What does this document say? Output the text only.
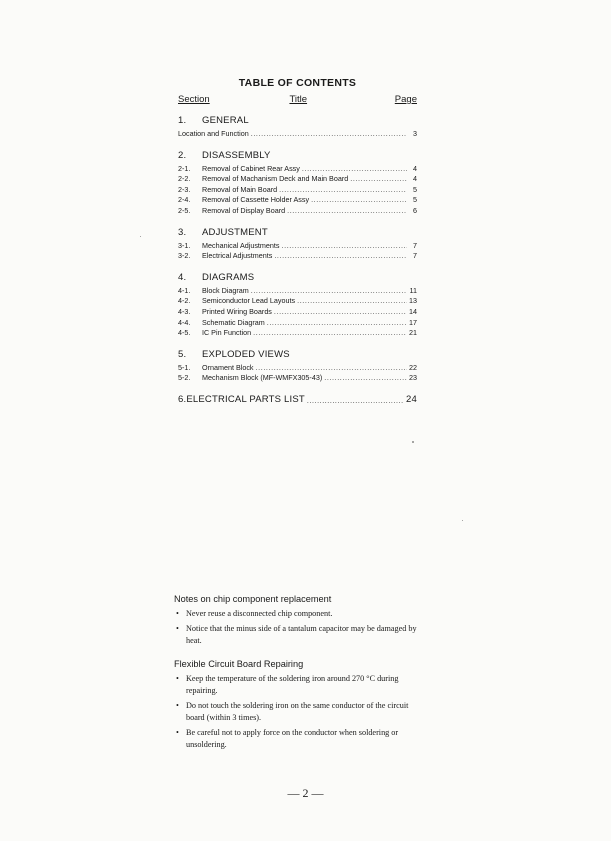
TABLE OF CONTENTS
Section	Title	Page
1.	GENERAL
Location and Function .....	3
2.	DISASSEMBLY
2-1.	Removal of Cabinet Rear Assy .....	4
2-2.	Removal of Machanism Deck and Main Board .....	4
2-3.	Removal of Main Board .....	5
2-4.	Removal of Cassette Holder Assy .....	5
2-5.	Removal of Display Board .....	6
3.	ADJUSTMENT
3-1.	Mechanical Adjustments .....	7
3-2.	Electrical Adjustments .....	7
4.	DIAGRAMS
4-1.	Block Diagram .....	11
4-2.	Semiconductor Lead Layouts .....	13
4-3.	Printed Wiring Boards .....	14
4-4.	Schematic Diagram .....	17
4-5.	IC Pin Function .....	21
5.	EXPLODED VIEWS
5-1.	Ornament Block .....	22
5-2.	Mechanism Block (MF-WMFX305-43) .....	23
6. ELECTRICAL PARTS LIST .....	24
Notes on chip component replacement
• Never reuse a disconnected chip component.
• Notice that the minus side of a tantalum capacitor may be damaged by heat.
Flexible Circuit Board Repairing
• Keep the temperature of the soldering iron around 270 °C during repairing.
• Do not touch the soldering iron on the same conductor of the circuit board (within 3 times).
• Be careful not to apply force on the conductor when soldering or unsoldering.
— 2 —
